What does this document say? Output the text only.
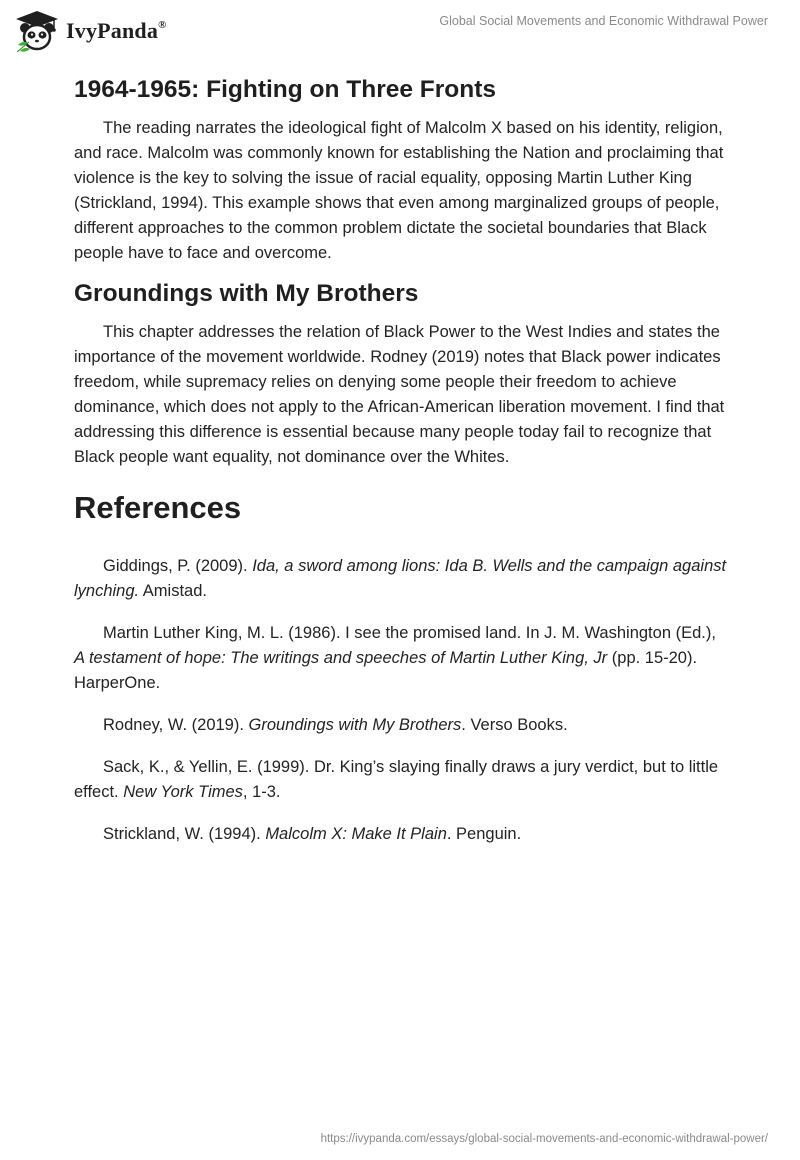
IvyPanda®	Global Social Movements and Economic Withdrawal Power
1964-1965: Fighting on Three Fronts

The reading narrates the ideological fight of Malcolm X based on his identity, religion, and race. Malcolm was commonly known for establishing the Nation and proclaiming that violence is the key to solving the issue of racial equality, opposing Martin Luther King (Strickland, 1994). This example shows that even among marginalized groups of people, different approaches to the common problem dictate the societal boundaries that Black people have to face and overcome.

Groundings with My Brothers

This chapter addresses the relation of Black Power to the West Indies and states the importance of the movement worldwide. Rodney (2019) notes that Black power indicates freedom, while supremacy relies on denying some people their freedom to achieve dominance, which does not apply to the African-American liberation movement. I find that addressing this difference is essential because many people today fail to recognize that Black people want equality, not dominance over the Whites.

References

Giddings, P. (2009). Ida, a sword among lions: Ida B. Wells and the campaign against lynching. Amistad.

Martin Luther King, M. L. (1986). I see the promised land. In J. M. Washington (Ed.), A testament of hope: The writings and speeches of Martin Luther King, Jr (pp. 15-20). HarperOne.

Rodney, W. (2019). Groundings with My Brothers. Verso Books.

Sack, K., & Yellin, E. (1999). Dr. King’s slaying finally draws a jury verdict, but to little effect. New York Times, 1-3.

Strickland, W. (1994). Malcolm X: Make It Plain. Penguin.

https://ivypanda.com/essays/global-social-movements-and-economic-withdrawal-power/
